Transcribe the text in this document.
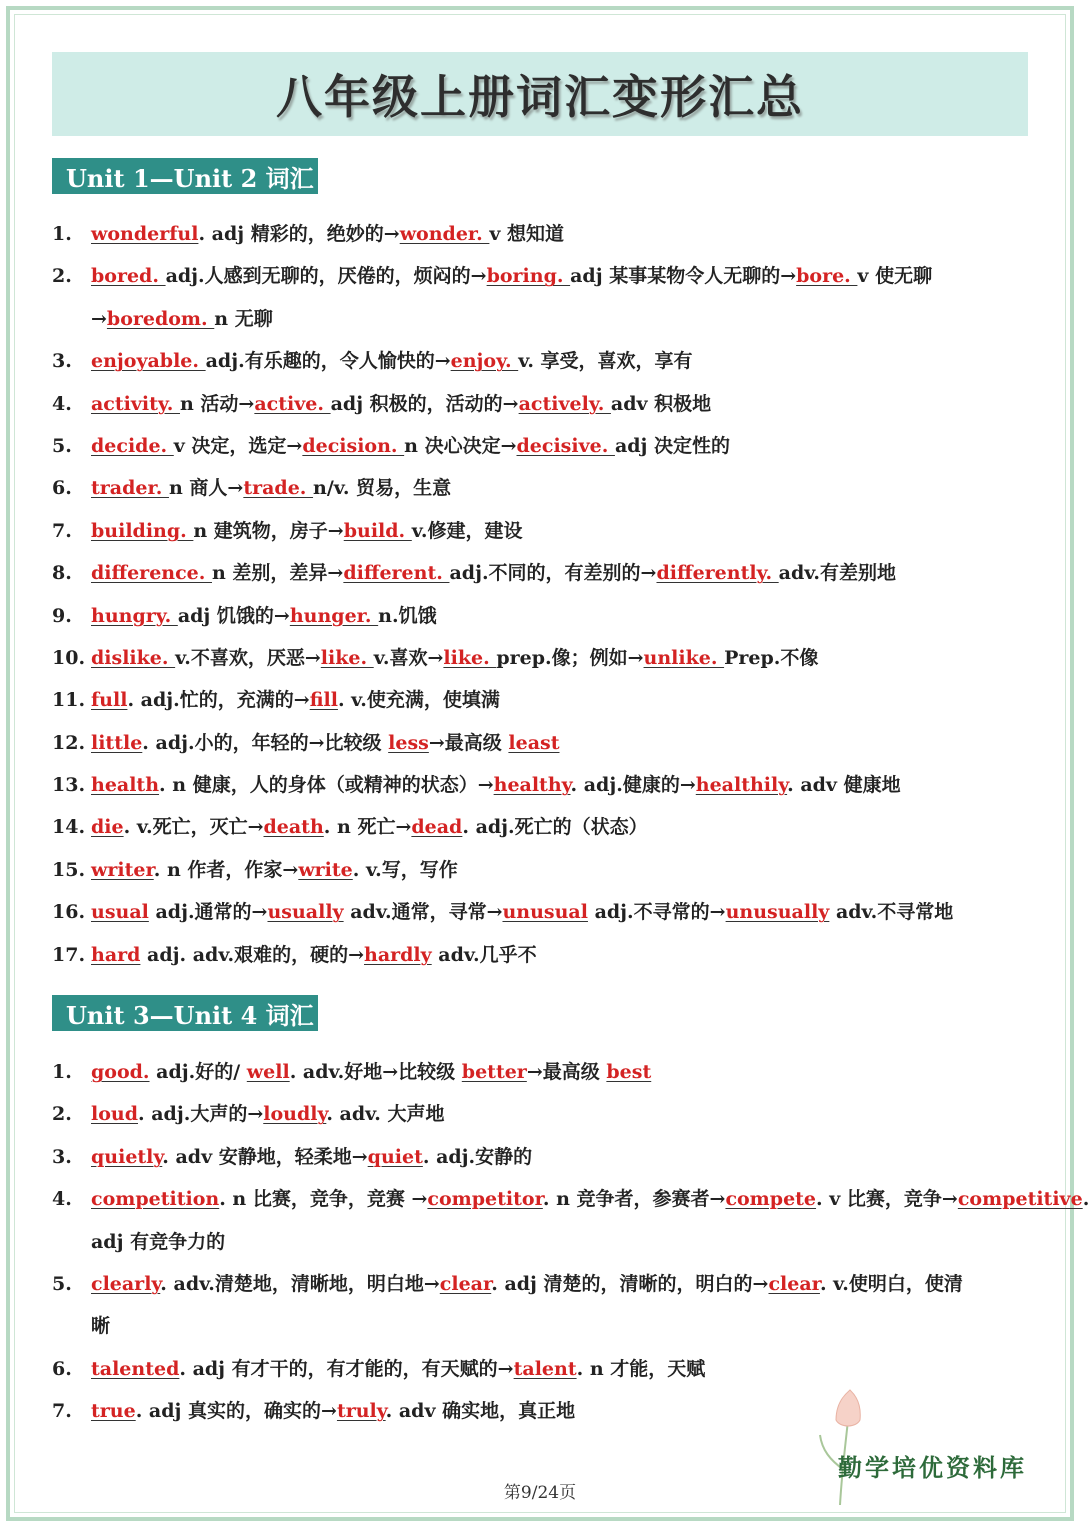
八年级上册词汇变形汇总
Unit 1—Unit 2 词汇
1.	wonderful. adj 精彩的，绝妙的→wonder. v 想知道
2.	bored. adj.人感到无聊的，厌倦的，烦闷的→boring. adj 某事某物令人无聊的→bore. v 使无聊
→boredom. n 无聊
3.	enjoyable. adj.有乐趣的，令人愉快的→enjoy. v. 享受，喜欢，享有
4.	activity. n 活动→active. adj 积极的，活动的→actively. adv 积极地
5.	decide. v 决定，选定→decision. n 决心决定→decisive. adj 决定性的
6.	trader. n 商人→trade. n/v. 贸易，生意
7.	building. n 建筑物，房子→build. v.修建，建设
8.	difference. n 差别，差异→different. adj.不同的，有差别的→differently. adv.有差别地
9.	hungry. adj 饥饿的→hunger. n.饥饿
10. dislike. v.不喜欢，厌恶→like. v.喜欢→like. prep.像；例如→unlike. Prep.不像
11. full. adj.忙的，充满的→fill. v.使充满，使填满
12. little. adj.小的，年轻的→比较级 less→最高级 least
13. health. n 健康，人的身体（或精神的状态）→healthy. adj.健康的→healthily. adv 健康地
14. die. v.死亡，灭亡→death. n 死亡→dead. adj.死亡的（状态）
15. writer. n 作者，作家→write. v.写，写作
16. usual adj.通常的→usually adv.通常，寻常→unusual adj.不寻常的→unusually adv.不寻常地
17. hard adj. adv.艰难的，硬的→hardly adv.几乎不
Unit 3—Unit 4 词汇
1.	good. adj.好的/ well. adv.好地→比较级 better→最高级 best
2.	loud. adj.大声的→loudly. adv. 大声地
3.	quietly. adv 安静地，轻柔地→quiet. adj.安静的
4.	competition. n 比赛，竞争，竞赛 →competitor. n 竞争者，参赛者→compete. v 比赛，竞争→competitive.
adj 有竞争力的
5.	clearly. adv.清楚地，清晰地，明白地→clear. adj 清楚的，清晰的，明白的→clear. v.使明白，使清
晰
6.	talented. adj 有才干的，有才能的，有天赋的→talent. n 才能，天赋
7.	true. adj 真实的，确实的→truly. adv 确实地，真正地
勤学培优资料库
第9/24页
